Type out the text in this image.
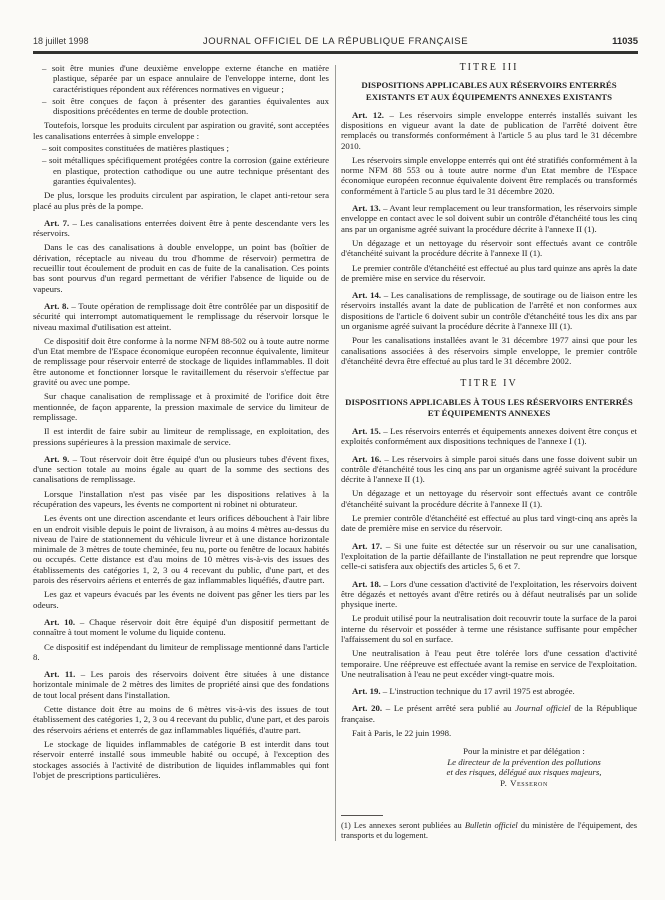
18 juillet 1998	JOURNAL OFFICIEL DE LA RÉPUBLIQUE FRANÇAISE	11035

– soit être munies d'une deuxième enveloppe externe étanche en matière plastique, séparée par un espace annulaire de l'enveloppe interne, dont les caractéristiques répondent aux références normatives en vigueur ;

– soit être conçues de façon à présenter des garanties équivalentes aux dispositions précédentes en terme de double protection.

Toutefois, lorsque les produits circulent par aspiration ou gravité, sont acceptées les canalisations enterrées à simple enveloppe :

– soit composites constituées de matières plastiques ;

– soit métalliques spécifiquement protégées contre la corrosion (gaine extérieure en plastique, protection cathodique ou une autre technique présentant des garanties équivalentes).

De plus, lorsque les produits circulent par aspiration, le clapet anti-retour sera placé au plus près de la pompe.

Art. 7. – Les canalisations enterrées doivent être à pente descendante vers les réservoirs.

Dans le cas des canalisations à double enveloppe, un point bas (boîtier de dérivation, réceptacle au niveau du trou d'homme de réservoir) permettra de recueillir tout écoulement de produit en cas de fuite de la canalisation. Ces points bas sont pourvus d'un regard permettant de vérifier l'absence de liquide ou de vapeurs.

Art. 8. – Toute opération de remplissage doit être contrôlée par un dispositif de sécurité qui interrompt automatiquement le remplissage du réservoir lorsque le niveau maximal d'utilisation est atteint.

Ce dispositif doit être conforme à la norme NFM 88-502 ou à toute autre norme d'un Etat membre de l'Espace économique européen reconnue équivalente, limiteur de remplissage pour réservoir enterré de stockage de liquides inflammables. Il doit être autonome et fonctionner lorsque le ravitaillement du réservoir s'effectue par gravité ou avec une pompe.

Sur chaque canalisation de remplissage et à proximité de l'orifice doit être mentionnée, de façon apparente, la pression maximale de service du limiteur de remplissage.

Il est interdit de faire subir au limiteur de remplissage, en exploitation, des pressions supérieures à la pression maximale de service.

Art. 9. – Tout réservoir doit être équipé d'un ou plusieurs tubes d'évent fixes, d'une section totale au moins égale au quart de la somme des sections des canalisations de remplissage.

Lorsque l'installation n'est pas visée par les dispositions relatives à la récupération des vapeurs, les évents ne comportent ni robinet ni obturateur.

Les évents ont une direction ascendante et leurs orifices débouchent à l'air libre en un endroit visible depuis le point de livraison, à au moins 4 mètres au-dessus du niveau de l'aire de stationnement du véhicule livreur et à une distance horizontale minimale de 3 mètres de toute cheminée, feu nu, porte ou fenêtre de locaux habités ou occupés. Cette distance est d'au moins de 10 mètres vis-à-vis des issues des établissements des catégories 1, 2, 3 ou 4 recevant du public, d'une part, et des parois des réservoirs aériens et enterrés de gaz inflammables liquéfiés, d'autre part.

Les gaz et vapeurs évacués par les évents ne doivent pas gêner les tiers par les odeurs.

Art. 10. – Chaque réservoir doit être équipé d'un dispositif permettant de connaître à tout moment le volume du liquide contenu.

Ce dispositif est indépendant du limiteur de remplissage mentionné dans l'article 8.

Art. 11. – Les parois des réservoirs doivent être situées à une distance horizontale minimale de 2 mètres des limites de propriété ainsi que des fondations de tout local présent dans l'installation.

Cette distance doit être au moins de 6 mètres vis-à-vis des issues de tout établissement des catégories 1, 2, 3 ou 4 recevant du public, d'une part, et des parois des réservoirs aériens et enterrés de gaz inflammables liquéfiés, d'autre part.

Le stockage de liquides inflammables de catégorie B est interdit dans tout réservoir enterré installé sous immeuble habité ou occupé, à l'exception des stockages associés à l'activité de distribution de liquides inflammables qui font l'objet de prescriptions particulières.

TITRE III

DISPOSITIONS APPLICABLES AUX RÉSERVOIRS ENTERRÉS EXISTANTS ET AUX ÉQUIPEMENTS ANNEXES EXISTANTS

Art. 12. – Les réservoirs simple enveloppe enterrés installés suivant les dispositions en vigueur avant la date de publication de l'arrêté doivent être remplacés ou transformés conformément à l'article 5 au plus tard le 31 décembre 2010.

Les réservoirs simple enveloppe enterrés qui ont été stratifiés conformément à la norme NFM 88 553 ou à toute autre norme d'un Etat membre de l'Espace économique européen reconnue équivalente doivent être remplacés ou transformés conformément à l'article 5 au plus tard le 31 décembre 2020.

Art. 13. – Avant leur remplacement ou leur transformation, les réservoirs simple enveloppe en contact avec le sol doivent subir un contrôle d'étanchéité tous les cinq ans par un organisme agréé suivant la procédure décrite à l'annexe II (1).

Un dégazage et un nettoyage du réservoir sont effectués avant ce contrôle d'étanchéité suivant la procédure décrite à l'annexe II (1).

Le premier contrôle d'étanchéité est effectué au plus tard quinze ans après la date de première mise en service du réservoir.

Art. 14. – Les canalisations de remplissage, de soutirage ou de liaison entre les réservoirs installés avant la date de publication de l'arrêté et non conformes aux dispositions de l'article 6 doivent subir un contrôle d'étanchéité tous les dix ans par un organisme agréé suivant la procédure décrite à l'annexe III (1).

Pour les canalisations installées avant le 31 décembre 1977 ainsi que pour les canalisations associées à des réservoirs simple enveloppe, le premier contrôle d'étanchéité devra être effectué au plus tard le 31 décembre 2002.

TITRE IV

DISPOSITIONS APPLICABLES À TOUS LES RÉSERVOIRS ENTERRÉS ET ÉQUIPEMENTS ANNEXES

Art. 15. – Les réservoirs enterrés et équipements annexes doivent être conçus et exploités conformément aux dispositions techniques de l'annexe I (1).

Art. 16. – Les réservoirs à simple paroi situés dans une fosse doivent subir un contrôle d'étanchéité tous les cinq ans par un organisme agréé suivant la procédure décrite à l'annexe II (1).

Un dégazage et un nettoyage du réservoir sont effectués avant ce contrôle d'étanchéité suivant la procédure décrite à l'annexe II (1).

Le premier contrôle d'étanchéité est effectué au plus tard vingt-cinq ans après la date de première mise en service du réservoir.

Art. 17. – Si une fuite est détectée sur un réservoir ou sur une canalisation, l'exploitation de la partie défaillante de l'installation ne peut reprendre que lorsque celle-ci satisfera aux objectifs des articles 5, 6 et 7.

Art. 18. – Lors d'une cessation d'activité de l'exploitation, les réservoirs doivent être dégazés et nettoyés avant d'être retirés ou à défaut neutralisés par un solide physique inerte.

Le produit utilisé pour la neutralisation doit recouvrir toute la surface de la paroi interne du réservoir et posséder à terme une résistance suffisante pour empêcher l'affaissement du sol en surface.

Une neutralisation à l'eau peut être tolérée lors d'une cessation d'activité temporaire. Une réépreuve est effectuée avant la remise en service de l'exploitation. Une neutralisation à l'eau ne peut excéder vingt-quatre mois.

Art. 19. – L'instruction technique du 17 avril 1975 est abrogée.

Art. 20. – Le présent arrêté sera publié au Journal officiel de la République française.

Fait à Paris, le 22 juin 1998.

Pour la ministre et par délégation :

Le directeur de la prévention des pollutions

et des risques, délégué aux risques majeurs,

P. Vesseron

(1) Les annexes seront publiées au Bulletin officiel du ministère de l'équipement, des transports et du logement.
